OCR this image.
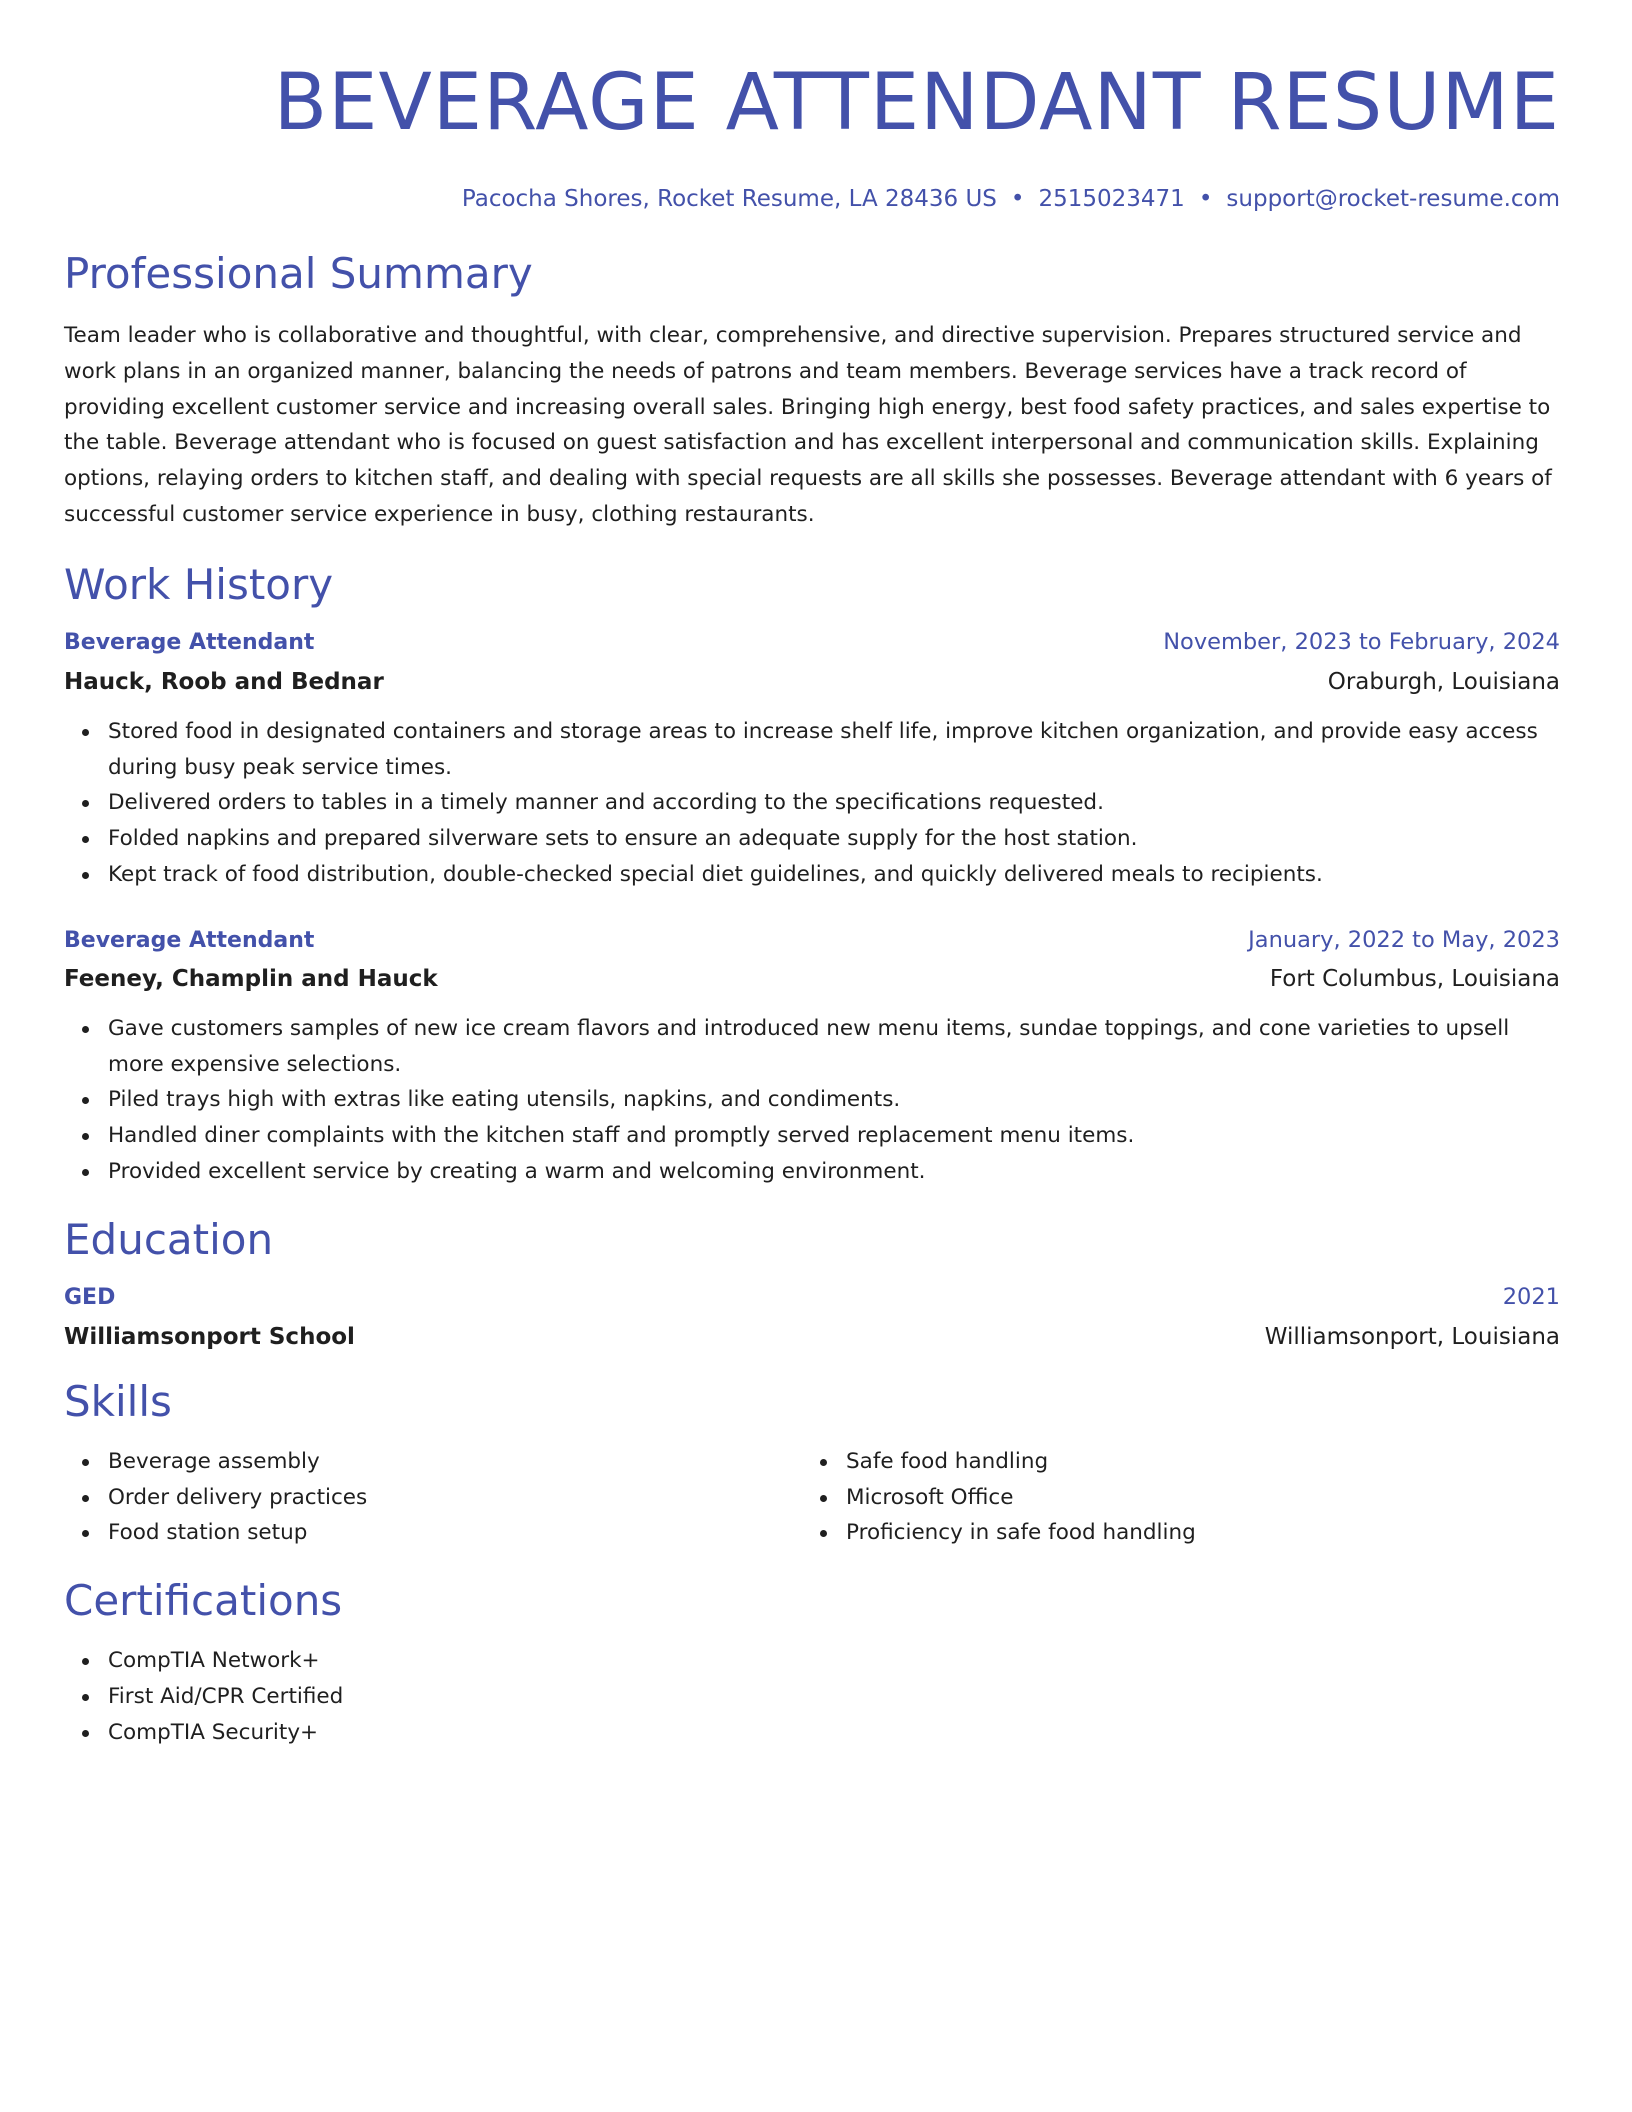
BEVERAGE ATTENDANT RESUME
Pacocha Shores, Rocket Resume, LA 28436 US • 2515023471 • support@rocket-resume.com
Professional Summary

Team leader who is collaborative and thoughtful, with clear, comprehensive, and directive supervision. Prepares structured service and work plans in an organized manner, balancing the needs of patrons and team members. Beverage services have a track record of providing excellent customer service and increasing overall sales. Bringing high energy, best food safety practices, and sales expertise to the table. Beverage attendant who is focused on guest satisfaction and has excellent interpersonal and communication skills. Explaining options, relaying orders to kitchen staff, and dealing with special requests are all skills she possesses. Beverage attendant with 6 years of successful customer service experience in busy, clothing restaurants.

Work History
Beverage Attendant	November, 2023 to February, 2024
Hauck, Roob and Bednar	Oraburgh, Louisiana
Stored food in designated containers and storage areas to increase shelf life, improve kitchen organization, and provide easy access during busy peak service times.
Delivered orders to tables in a timely manner and according to the specifications requested.
Folded napkins and prepared silverware sets to ensure an adequate supply for the host station.
Kept track of food distribution, double-checked special diet guidelines, and quickly delivered meals to recipients.
Beverage Attendant	January, 2022 to May, 2023
Feeney, Champlin and Hauck	Fort Columbus, Louisiana
Gave customers samples of new ice cream flavors and introduced new menu items, sundae toppings, and cone varieties to upsell more expensive selections.
Piled trays high with extras like eating utensils, napkins, and condiments.
Handled diner complaints with the kitchen staff and promptly served replacement menu items.
Provided excellent service by creating a warm and welcoming environment.
Education
GED	2021
Williamsonport School	Williamsonport, Louisiana
Skills
Beverage assembly
Order delivery practices
Food station setup
Safe food handling
Microsoft Office
Proficiency in safe food handling
Certifications
CompTIA Network+
First Aid/CPR Certified
CompTIA Security+
